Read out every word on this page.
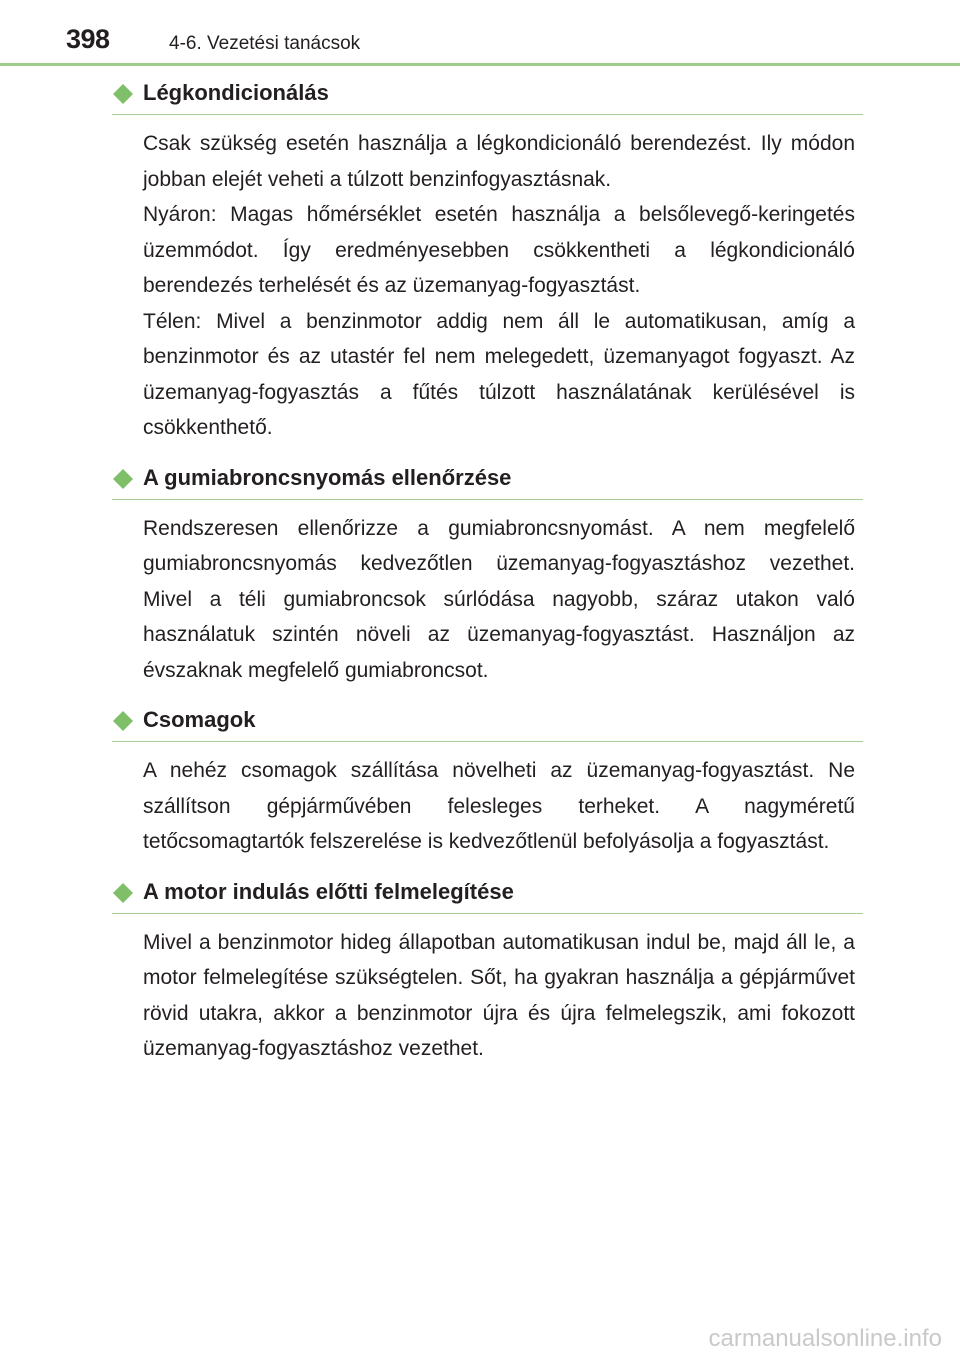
398	4-6. Vezetési tanácsok
Légkondicionálás

Csak szükség esetén használja a légkondicionáló berendezést. Ily módon jobban elejét veheti a túlzott benzinfogyasztásnak.

Nyáron: Magas hőmérséklet esetén használja a belsőlevegő-keringetés üzemmódot. Így eredményesebben csökkentheti a légkondicionáló berendezés terhelését és az üzemanyag-fogyasztást.

Télen: Mivel a benzinmotor addig nem áll le automatikusan, amíg a benzinmotor és az utastér fel nem melegedett, üzemanyagot fogyaszt. Az üzemanyag-fogyasztás a fűtés túlzott használatának kerülésével is csökkenthető.

A gumiabroncsnyomás ellenőrzése

Rendszeresen ellenőrizze a gumiabroncsnyomást. A nem megfelelő gumiabroncsnyomás kedvezőtlen üzemanyag-fogyasztáshoz vezethet. Mivel a téli gumiabroncsok súrlódása nagyobb, száraz utakon való használatuk szintén növeli az üzemanyag-fogyasztást. Használjon az évszaknak megfelelő gumiabroncsot.

Csomagok

A nehéz csomagok szállítása növelheti az üzemanyag-fogyasztást. Ne szállítson gépjárművében felesleges terheket. A nagyméretű tetőcsomagtartók felszerelése is kedvezőtlenül befolyásolja a fogyasztást.

A motor indulás előtti felmelegítése

Mivel a benzinmotor hideg állapotban automatikusan indul be, majd áll le, a motor felmelegítése szükségtelen. Sőt, ha gyakran használja a gépjárművet rövid utakra, akkor a benzinmotor újra és újra felmelegszik, ami fokozott üzemanyag-fogyasztáshoz vezethet.

carmanualsonline.info
